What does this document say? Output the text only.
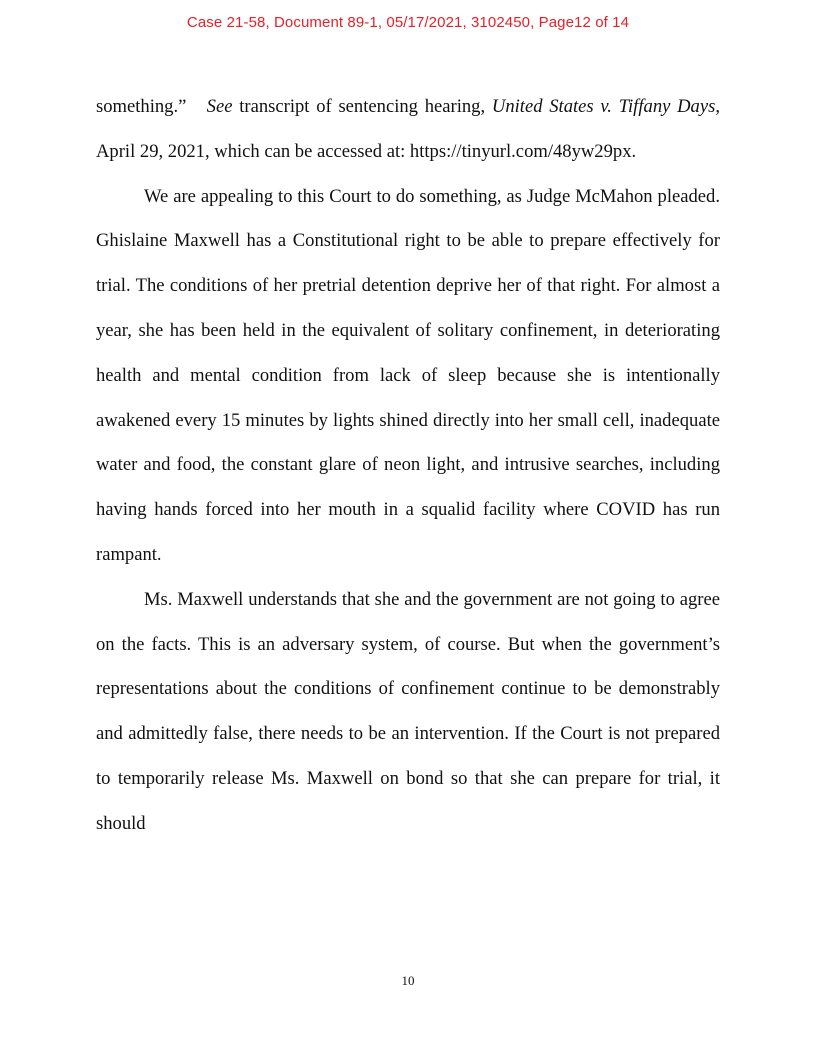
Case 21-58, Document 89-1, 05/17/2021, 3102450, Page12 of 14

something.” See transcript of sentencing hearing, United States v. Tiffany Days, April 29, 2021, which can be accessed at: https://tinyurl.com/48yw29px.

We are appealing to this Court to do something, as Judge McMahon pleaded. Ghislaine Maxwell has a Constitutional right to be able to prepare effectively for trial. The conditions of her pretrial detention deprive her of that right. For almost a year, she has been held in the equivalent of solitary confinement, in deteriorating health and mental condition from lack of sleep because she is intentionally awakened every 15 minutes by lights shined directly into her small cell, inadequate water and food, the constant glare of neon light, and intrusive searches, including having hands forced into her mouth in a squalid facility where COVID has run rampant.

Ms. Maxwell understands that she and the government are not going to agree on the facts. This is an adversary system, of course. But when the government’s representations about the conditions of confinement continue to be demonstrably and admittedly false, there needs to be an intervention. If the Court is not prepared to temporarily release Ms. Maxwell on bond so that she can prepare for trial, it should

10
